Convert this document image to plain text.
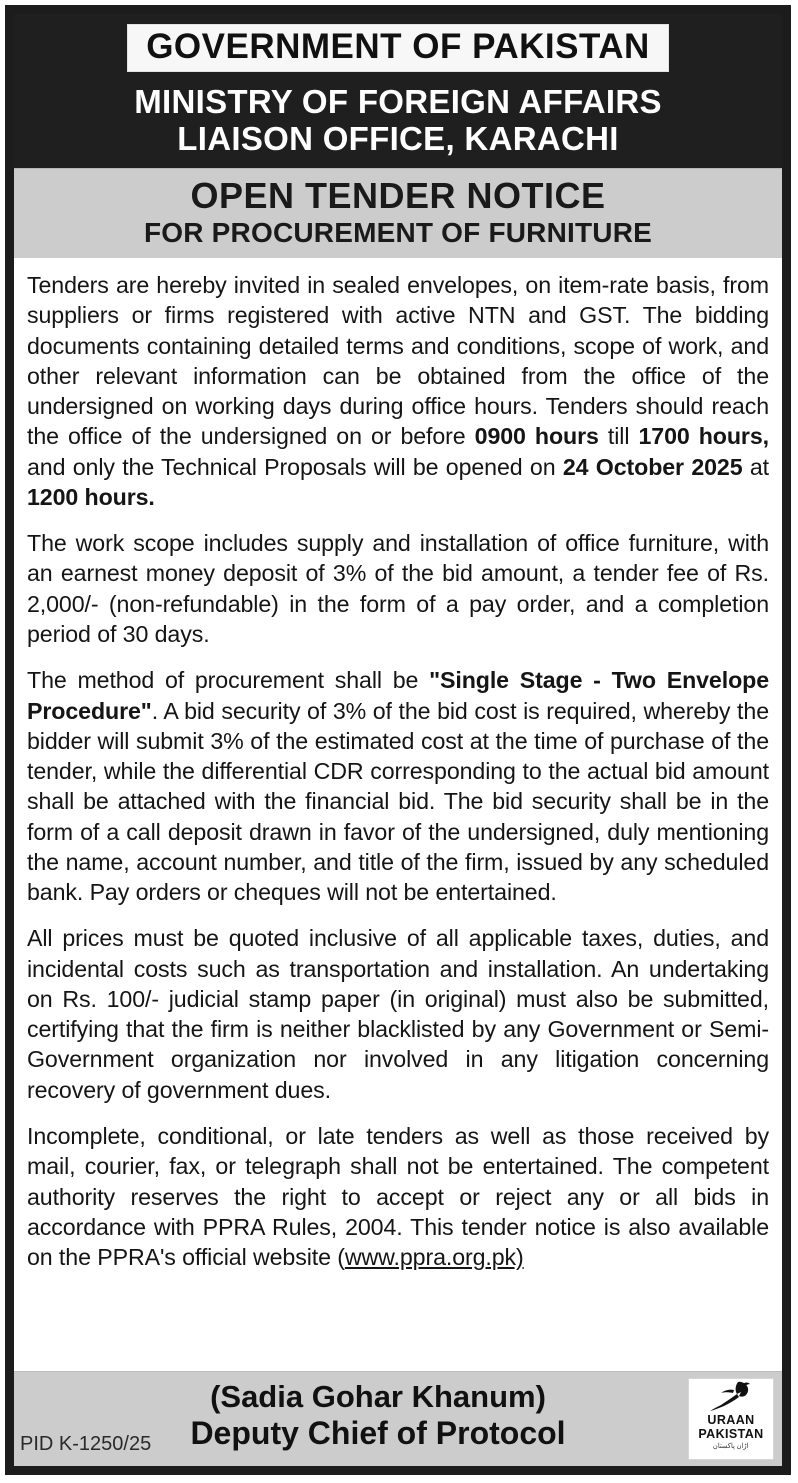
GOVERNMENT OF PAKISTAN
MINISTRY OF FOREIGN AFFAIRS
LIAISON OFFICE, KARACHI
OPEN TENDER NOTICE
FOR PROCUREMENT OF FURNITURE

Tenders are hereby invited in sealed envelopes, on item-rate basis, from suppliers or firms registered with active NTN and GST. The bidding documents containing detailed terms and conditions, scope of work, and other relevant information can be obtained from the office of the undersigned on working days during office hours. Tenders should reach the office of the undersigned on or before 0900 hours till 1700 hours, and only the Technical Proposals will be opened on 24 October 2025 at 1200 hours.

The work scope includes supply and installation of office furniture, with an earnest money deposit of 3% of the bid amount, a tender fee of Rs. 2,000/- (non-refundable) in the form of a pay order, and a completion period of 30 days.

The method of procurement shall be "Single Stage - Two Envelope Procedure". A bid security of 3% of the bid cost is required, whereby the bidder will submit 3% of the estimated cost at the time of purchase of the tender, while the differential CDR corresponding to the actual bid amount shall be attached with the financial bid. The bid security shall be in the form of a call deposit drawn in favor of the undersigned, duly mentioning the name, account number, and title of the firm, issued by any scheduled bank. Pay orders or cheques will not be entertained.

All prices must be quoted inclusive of all applicable taxes, duties, and incidental costs such as transportation and installation. An undertaking on Rs. 100/- judicial stamp paper (in original) must also be submitted, certifying that the firm is neither blacklisted by any Government or Semi-Government organization nor involved in any litigation concerning recovery of government dues.

Incomplete, conditional, or late tenders as well as those received by mail, courier, fax, or telegraph shall not be entertained. The competent authority reserves the right to accept or reject any or all bids in accordance with PPRA Rules, 2004. This tender notice is also available on the PPRA's official website (www.ppra.org.pk)

PID K-1250/25
(Sadia Gohar Khanum)
Deputy Chief of Protocol	URAAN
PAKISTAN
اڑان پاکستان
